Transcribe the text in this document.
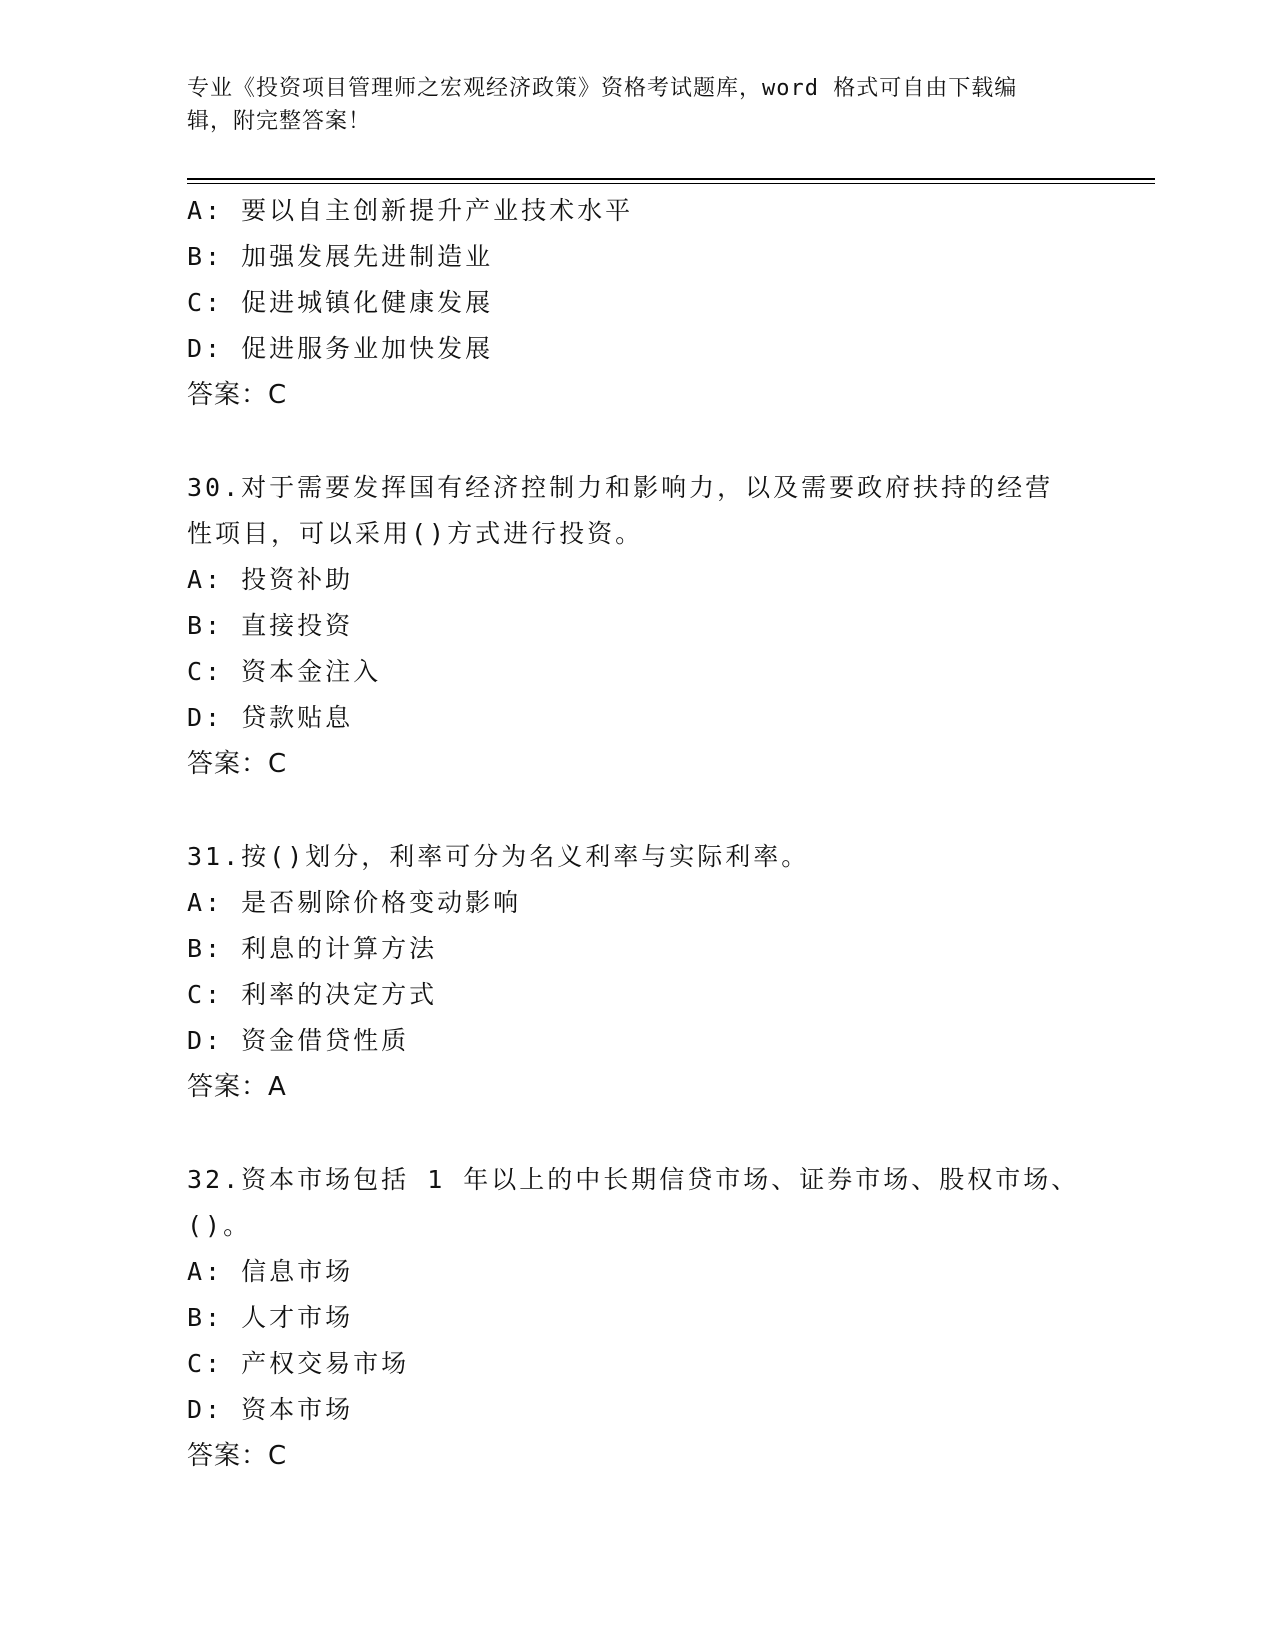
专业《投资项目管理师之宏观经济政策》资格考试题库，word 格式可自由下载编
辑，附完整答案！
A: 要以自主创新提升产业技术水平
B: 加强发展先进制造业
C: 促进城镇化健康发展
D: 促进服务业加快发展
答案：C
30.对于需要发挥国有经济控制力和影响力，以及需要政府扶持的经营
性项目，可以采用()方式进行投资。
A: 投资补助
B: 直接投资
C: 资本金注入
D: 贷款贴息
答案：C
31.按()划分，利率可分为名义利率与实际利率。
A: 是否剔除价格变动影响
B: 利息的计算方法
C: 利率的决定方式
D: 资金借贷性质
答案：A
32.资本市场包括 1 年以上的中长期信贷市场、证券市场、股权市场、
()。
A: 信息市场
B: 人才市场
C: 产权交易市场
D: 资本市场
答案：C
